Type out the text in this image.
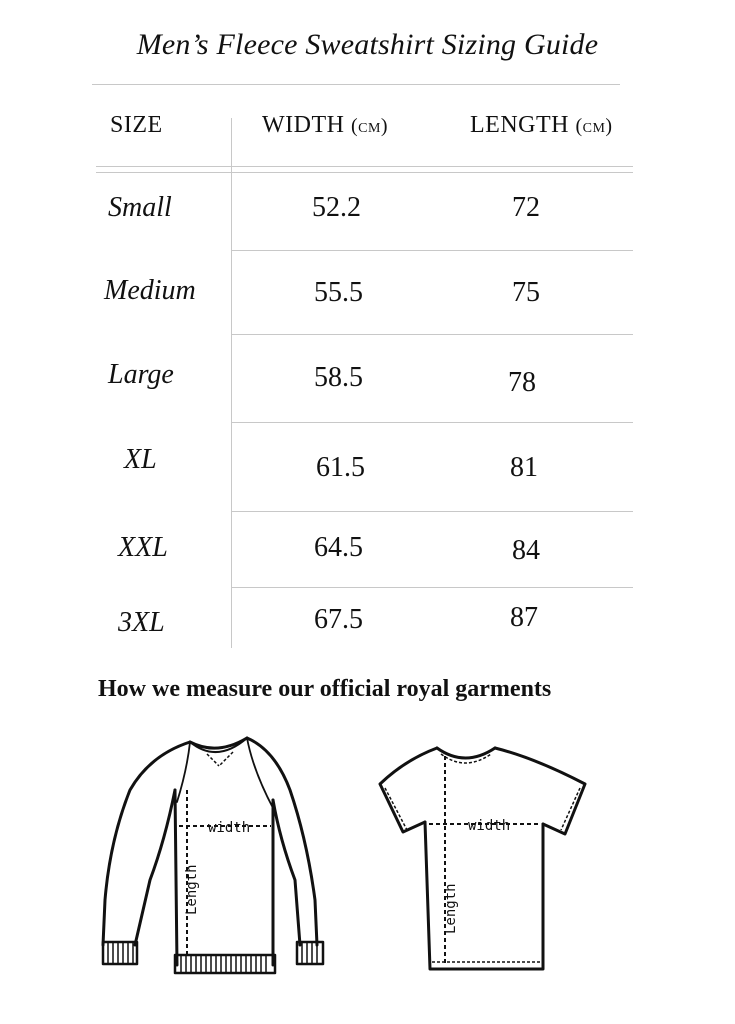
Men’s Fleece Sweatshirt Sizing Guide
SIZE	WIDTH (cm)	LENGTH (cm)
Small	52.2	72
Medium	55.5	75
Large	58.5	78
XL	61.5	81
XXL	64.5	84
3XL	67.5	87
How we measure our official royal garments
width
Length
width
Length
